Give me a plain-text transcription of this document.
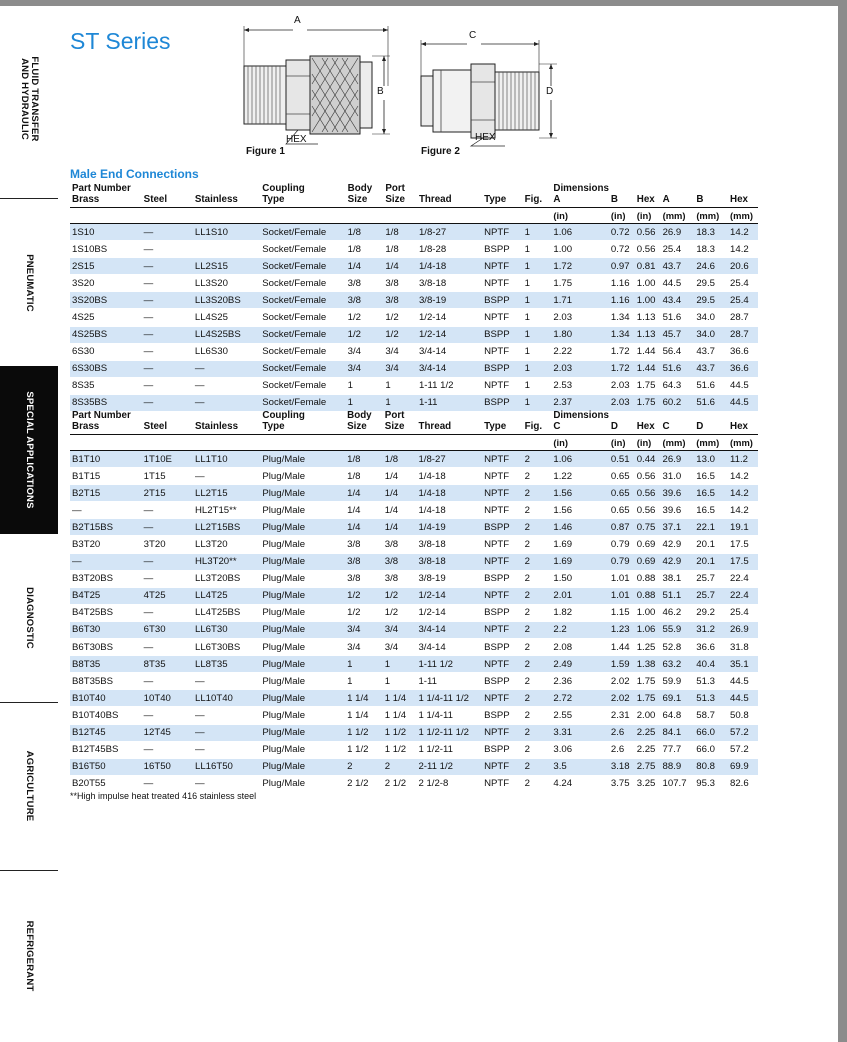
FLUID TRANSFER
AND HYDRAULIC
PNEUMATIC
SPECIAL APPLICATIONS
DIAGNOSTIC
AGRICULTURE
REFRIGERANT
ST Series
A
B
HEX
Figure 1
C
D
HEX
Figure 2
Male End Connections
Part Number			Coupling	Body	Port				Dimensions					
Brass	Steel	Stainless	Type	Size	Size	Thread	Type	Fig.	A	B	Hex	A	B	Hex
									(in)	(in)	(in)	(mm)	(mm)	(mm)
1S10	—	LL1S10	Socket/Female	1/8	1/8	1/8-27	NPTF	1	1.06	0.72	0.56	26.9	18.3	14.2
1S10BS	—		Socket/Female	1/8	1/8	1/8-28	BSPP	1	1.00	0.72	0.56	25.4	18.3	14.2
2S15	—	LL2S15	Socket/Female	1/4	1/4	1/4-18	NPTF	1	1.72	0.97	0.81	43.7	24.6	20.6
3S20	—	LL3S20	Socket/Female	3/8	3/8	3/8-18	NPTF	1	1.75	1.16	1.00	44.5	29.5	25.4
3S20BS	—	LL3S20BS	Socket/Female	3/8	3/8	3/8-19	BSPP	1	1.71	1.16	1.00	43.4	29.5	25.4
4S25	—	LL4S25	Socket/Female	1/2	1/2	1/2-14	NPTF	1	2.03	1.34	1.13	51.6	34.0	28.7
4S25BS	—	LL4S25BS	Socket/Female	1/2	1/2	1/2-14	BSPP	1	1.80	1.34	1.13	45.7	34.0	28.7
6S30	—	LL6S30	Socket/Female	3/4	3/4	3/4-14	NPTF	1	2.22	1.72	1.44	56.4	43.7	36.6
6S30BS	—	—	Socket/Female	3/4	3/4	3/4-14	BSPP	1	2.03	1.72	1.44	51.6	43.7	36.6
8S35	—	—	Socket/Female	1	1	1-11 1/2	NPTF	1	2.53	2.03	1.75	64.3	51.6	44.5
8S35BS	—	—	Socket/Female	1	1	1-11	BSPP	1	2.37	2.03	1.75	60.2	51.6	44.5
Part Number			Coupling	Body	Port				Dimensions					
Brass	Steel	Stainless	Type	Size	Size	Thread	Type	Fig.	C	D	Hex	C	D	Hex
									(in)	(in)	(in)	(mm)	(mm)	(mm)
B1T10	1T10E	LL1T10	Plug/Male	1/8	1/8	1/8-27	NPTF	2	1.06	0.51	0.44	26.9	13.0	11.2
B1T15	1T15	—	Plug/Male	1/8	1/4	1/4-18	NPTF	2	1.22	0.65	0.56	31.0	16.5	14.2
B2T15	2T15	LL2T15	Plug/Male	1/4	1/4	1/4-18	NPTF	2	1.56	0.65	0.56	39.6	16.5	14.2
—	—	HL2T15**	Plug/Male	1/4	1/4	1/4-18	NPTF	2	1.56	0.65	0.56	39.6	16.5	14.2
B2T15BS	—	LL2T15BS	Plug/Male	1/4	1/4	1/4-19	BSPP	2	1.46	0.87	0.75	37.1	22.1	19.1
B3T20	3T20	LL3T20	Plug/Male	3/8	3/8	3/8-18	NPTF	2	1.69	0.79	0.69	42.9	20.1	17.5
—	—	HL3T20**	Plug/Male	3/8	3/8	3/8-18	NPTF	2	1.69	0.79	0.69	42.9	20.1	17.5
B3T20BS	—	LL3T20BS	Plug/Male	3/8	3/8	3/8-19	BSPP	2	1.50	1.01	0.88	38.1	25.7	22.4
B4T25	4T25	LL4T25	Plug/Male	1/2	1/2	1/2-14	NPTF	2	2.01	1.01	0.88	51.1	25.7	22.4
B4T25BS	—	LL4T25BS	Plug/Male	1/2	1/2	1/2-14	BSPP	2	1.82	1.15	1.00	46.2	29.2	25.4
B6T30	6T30	LL6T30	Plug/Male	3/4	3/4	3/4-14	NPTF	2	2.2	1.23	1.06	55.9	31.2	26.9
B6T30BS	—	LL6T30BS	Plug/Male	3/4	3/4	3/4-14	BSPP	2	2.08	1.44	1.25	52.8	36.6	31.8
B8T35	8T35	LL8T35	Plug/Male	1	1	1-11 1/2	NPTF	2	2.49	1.59	1.38	63.2	40.4	35.1
B8T35BS	—	—	Plug/Male	1	1	1-11	BSPP	2	2.36	2.02	1.75	59.9	51.3	44.5
B10T40	10T40	LL10T40	Plug/Male	1 1/4	1 1/4	1 1/4-11 1/2	NPTF	2	2.72	2.02	1.75	69.1	51.3	44.5
B10T40BS	—	—	Plug/Male	1 1/4	1 1/4	1 1/4-11	BSPP	2	2.55	2.31	2.00	64.8	58.7	50.8
B12T45	12T45	—	Plug/Male	1 1/2	1 1/2	1 1/2-11 1/2	NPTF	2	3.31	2.6	2.25	84.1	66.0	57.2
B12T45BS	—	—	Plug/Male	1 1/2	1 1/2	1 1/2-11	BSPP	2	3.06	2.6	2.25	77.7	66.0	57.2
B16T50	16T50	LL16T50	Plug/Male	2	2	2-11 1/2	NPTF	2	3.5	3.18	2.75	88.9	80.8	69.9
B20T55	—	—	Plug/Male	2 1/2	2 1/2	2 1/2-8	NPTF	2	4.24	3.75	3.25	107.7	95.3	82.6
**High impulse heat treated 416 stainless steel
